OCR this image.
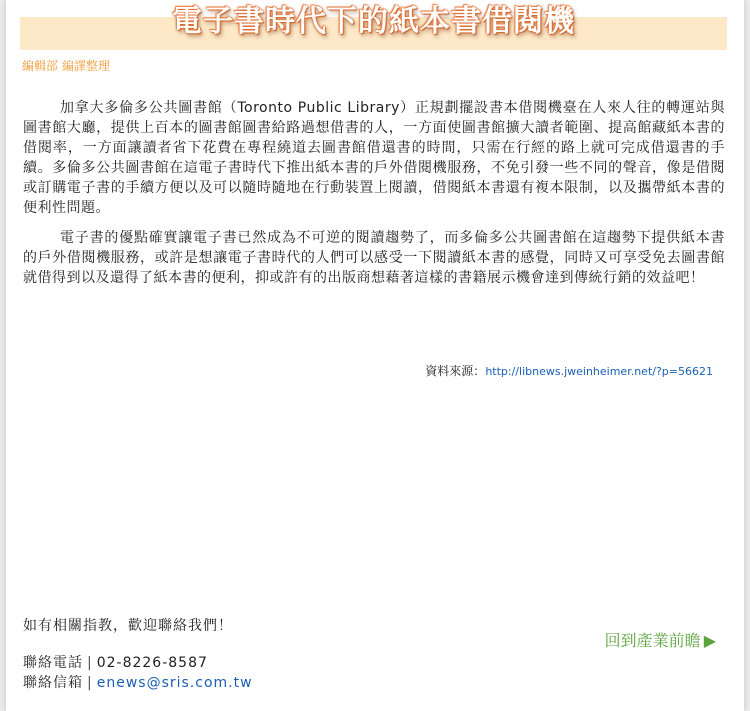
電子書時代下的紙本書借閱機
編輯部 編譯整理

加拿大多倫多公共圖書館（Toronto Public Library）正規劃擺設書本借閱機臺在人來人往的轉運站與圖書館大廳，提供上百本的圖書館圖書給路過想借書的人，一方面使圖書館擴大讀者範圍、提高館藏紙本書的借閱率，一方面讓讀者省下花費在專程繞道去圖書館借還書的時間，只需在行經的路上就可完成借還書的手續。多倫多公共圖書館在這電子書時代下推出紙本書的戶外借閱機服務，不免引發一些不同的聲音，像是借閱或訂購電子書的手續方便以及可以隨時隨地在行動裝置上閱讀，借閱紙本書還有複本限制，以及攜帶紙本書的便利性問題。

電子書的優點確實讓電子書已然成為不可逆的閱讀趨勢了，而多倫多公共圖書館在這趨勢下提供紙本書的戶外借閱機服務，或許是想讓電子書時代的人們可以感受一下閱讀紙本書的感覺，同時又可享受免去圖書館就借得到以及還得了紙本書的便利，抑或許有的出版商想藉著這樣的書籍展示機會達到傳統行銷的效益吧！

資料來源：http://libnews.jweinheimer.net/?p=56621
如有相關指教，歡迎聯絡我們！
聯絡電話 | 02-8226-8587
聯絡信箱 | enews@sris.com.tw
回到產業前瞻 ▶
